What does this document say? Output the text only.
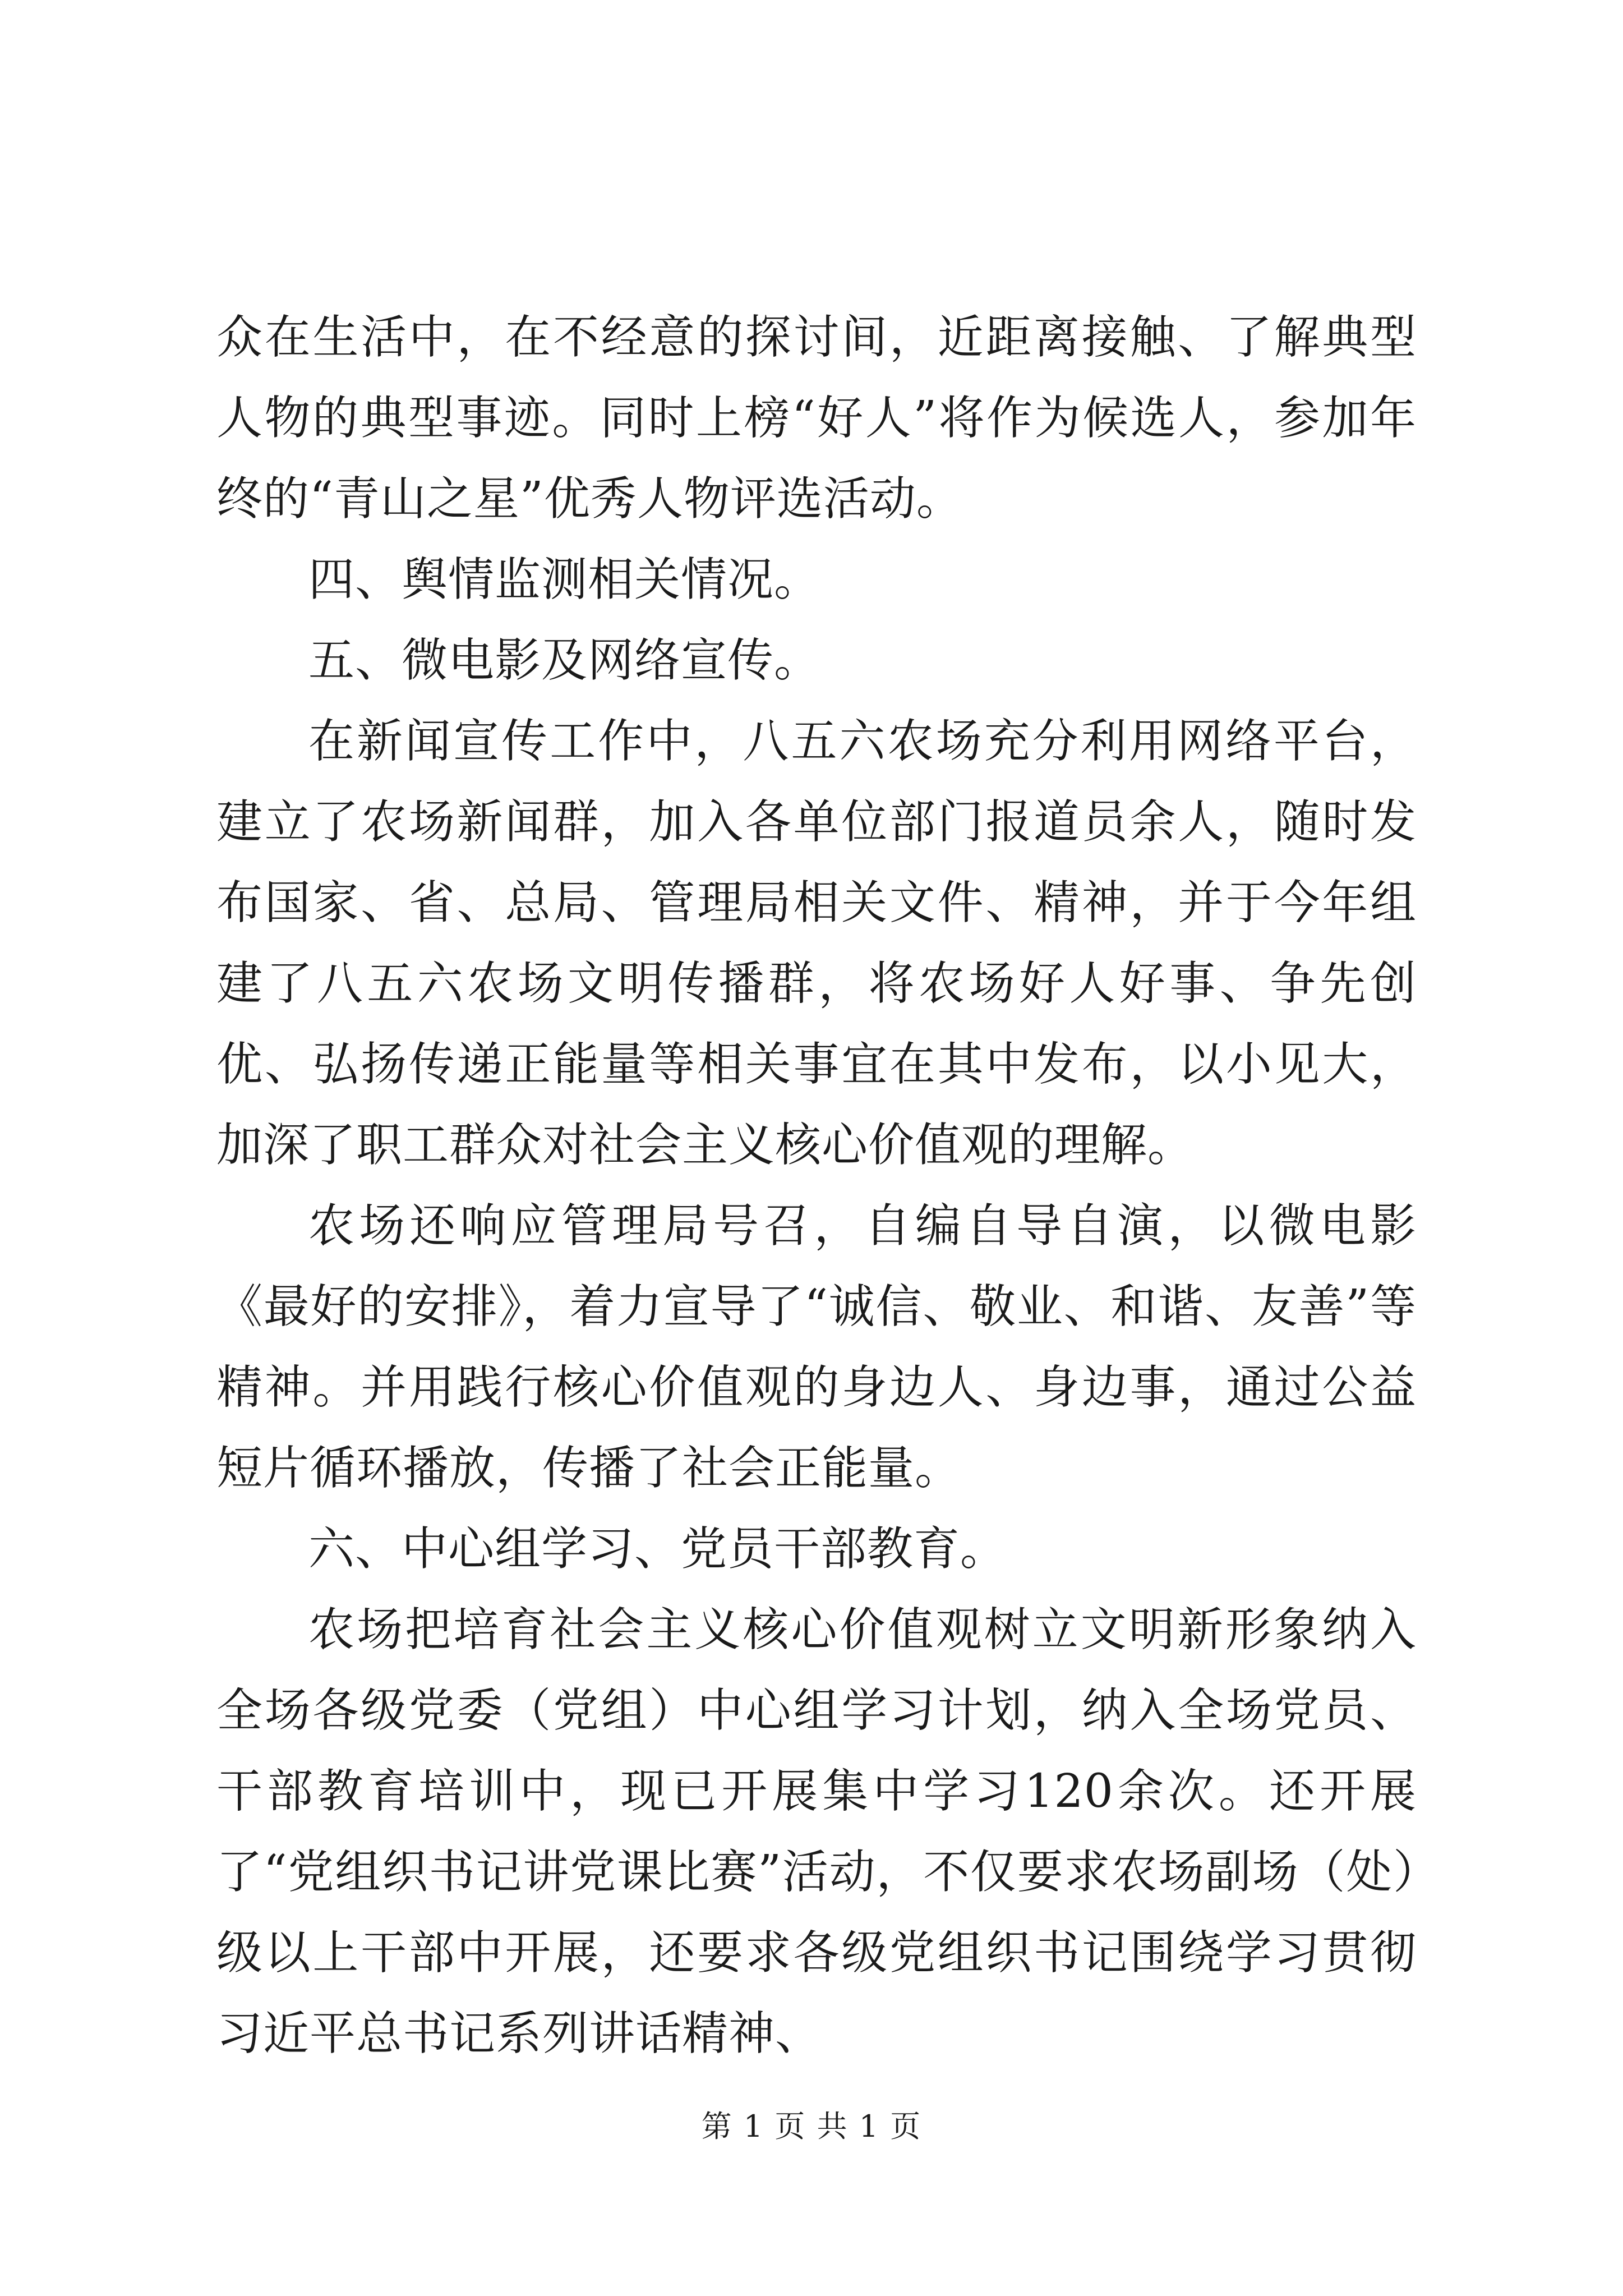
众在生活中，在不经意的探讨间，近距离接触、了解典型人物的典型事迹。同时上榜“好人”将作为候选人，参加年终的“青山之星”优秀人物评选活动。

四、舆情监测相关情况。

五、微电影及网络宣传。

在新闻宣传工作中，八五六农场充分利用网络平台，建立了农场新闻群，加入各单位部门报道员余人，随时发布国家、省、总局、管理局相关文件、精神，并于今年组建了八五六农场文明传播群，将农场好人好事、争先创优、弘扬传递正能量等相关事宜在其中发布，以小见大，加深了职工群众对社会主义核心价值观的理解。

农场还响应管理局号召，自编自导自演，以微电影《最好的安排》，着力宣导了“诚信、敬业、和谐、友善”等精神。并用践行核心价值观的身边人、身边事，通过公益短片循环播放，传播了社会正能量。

六、中心组学习、党员干部教育。

农场把培育社会主义核心价值观树立文明新形象纳入全场各级党委（党组）中心组学习计划，纳入全场党员、干部教育培训中，现已开展集中学习120余次。还开展了“党组织书记讲党课比赛”活动，不仅要求农场副场（处）级以上干部中开展，还要求各级党组织书记围绕学习贯彻习近平总书记系列讲话精神、

第 1 页 共 1 页
